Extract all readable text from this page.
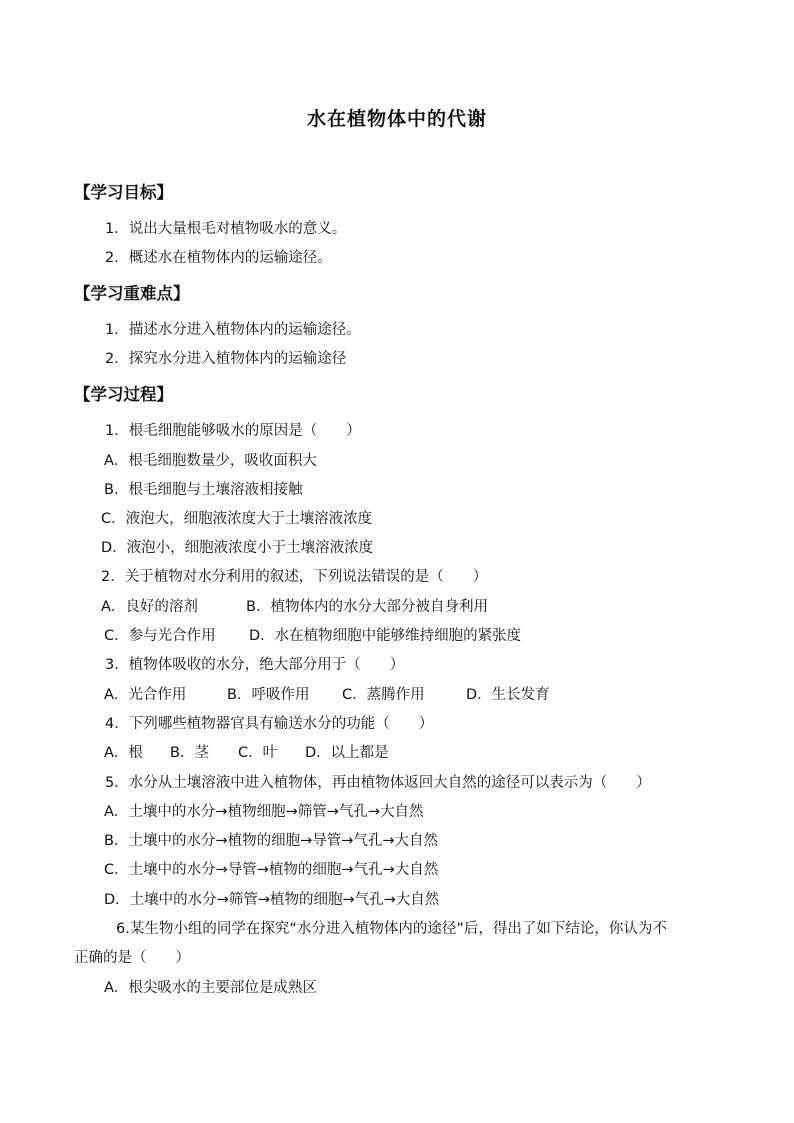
水在植物体中的代谢
【学习目标】
1．说出大量根毛对植物吸水的意义。
2．概述水在植物体内的运输途径。
【学习重难点】
1．描述水分进入植物体内的运输途径。
2．探究水分进入植物体内的运输途径
【学习过程】
1．根毛细胞能够吸水的原因是（　　）
A．根毛细胞数量少，吸收面积大
B．根毛细胞与土壤溶液相接触
C．液泡大，细胞液浓度大于土壤溶液浓度
D．液泡小，细胞液浓度小于土壤溶液浓度
2．关于植物对水分利用的叙述，下列说法错误的是（　　）
A．良好的溶剂	B．植物体内的水分大部分被自身利用
C．参与光合作用 D．水在植物细胞中能够维持细胞的紧张度
3．植物体吸收的水分，绝大部分用于（　　）
A．光合作用	B．呼吸作用 C．蒸腾作用	D．生长发育
4．下列哪些植物器官具有输送水分的功能（　　）
A．根 B．茎 C．叶 D．以上都是
5．水分从土壤溶液中进入植物体，再由植物体返回大自然的途径可以表示为（　　）
A．土壤中的水分→植物细胞→筛管→气孔→大自然
B．土壤中的水分→植物的细胞→导管→气孔→大自然
C．土壤中的水分→导管→植物的细胞→气孔→大自然
D．土壤中的水分→筛管→植物的细胞→气孔→大自然
6.某生物小组的同学在探究“水分进入植物体内的途径”后，得出了如下结论，你认为不
正确的是（　　）
A．根尖吸水的主要部位是成熟区
